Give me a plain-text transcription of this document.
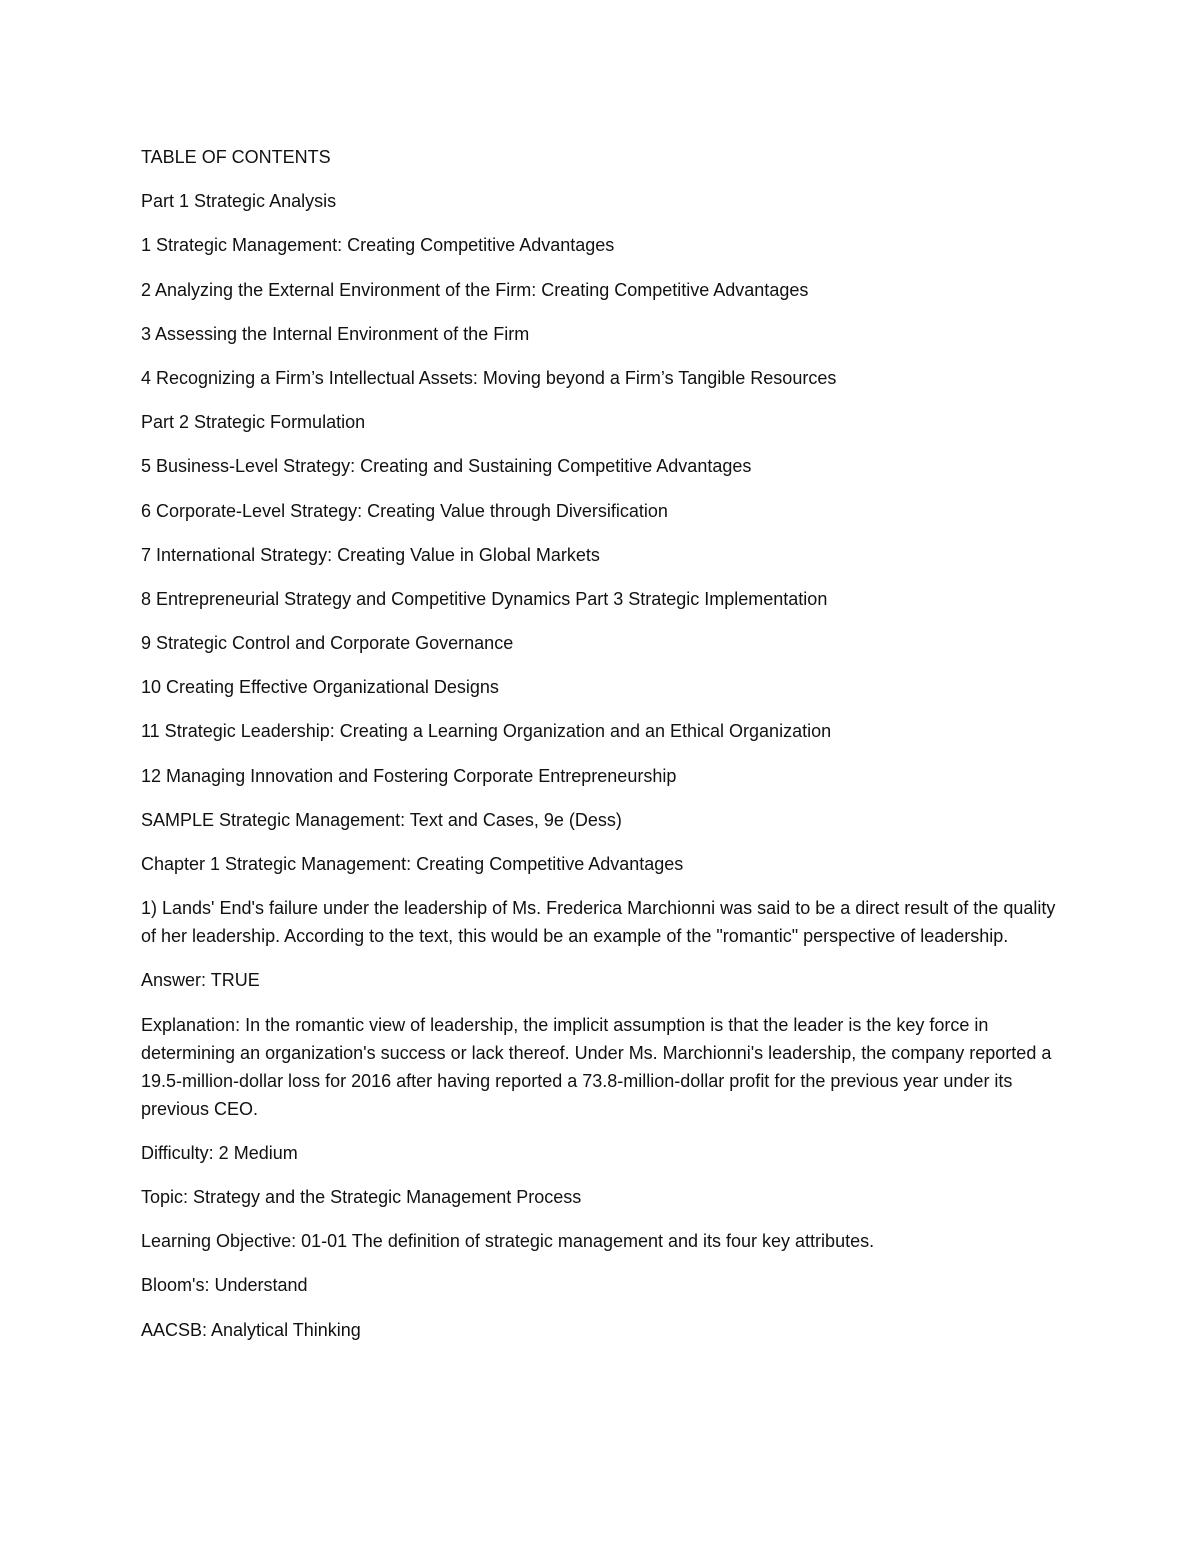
TABLE OF CONTENTS
Part 1 Strategic Analysis
1 Strategic Management: Creating Competitive Advantages
2 Analyzing the External Environment of the Firm: Creating Competitive Advantages
3 Assessing the Internal Environment of the Firm
4 Recognizing a Firm’s Intellectual Assets: Moving beyond a Firm’s Tangible Resources
Part 2 Strategic Formulation
5 Business-Level Strategy: Creating and Sustaining Competitive Advantages
6 Corporate-Level Strategy: Creating Value through Diversification
7 International Strategy: Creating Value in Global Markets
8 Entrepreneurial Strategy and Competitive Dynamics Part 3 Strategic Implementation
9 Strategic Control and Corporate Governance
10 Creating Effective Organizational Designs
11 Strategic Leadership: Creating a Learning Organization and an Ethical Organization
12 Managing Innovation and Fostering Corporate Entrepreneurship
SAMPLE Strategic Management: Text and Cases, 9e (Dess)
Chapter 1 Strategic Management: Creating Competitive Advantages
1) Lands' End's failure under the leadership of Ms. Frederica Marchionni was said to be a direct result of the quality of her leadership. According to the text, this would be an example of the "romantic" perspective of leadership.
Answer: TRUE
Explanation: In the romantic view of leadership, the implicit assumption is that the leader is the key force in determining an organization's success or lack thereof. Under Ms. Marchionni's leadership, the company reported a 19.5-million-dollar loss for 2016 after having reported a 73.8-million-dollar profit for the previous year under its previous CEO.
Difficulty: 2 Medium
Topic: Strategy and the Strategic Management Process
Learning Objective: 01-01 The definition of strategic management and its four key attributes.
Bloom's: Understand
AACSB: Analytical Thinking
